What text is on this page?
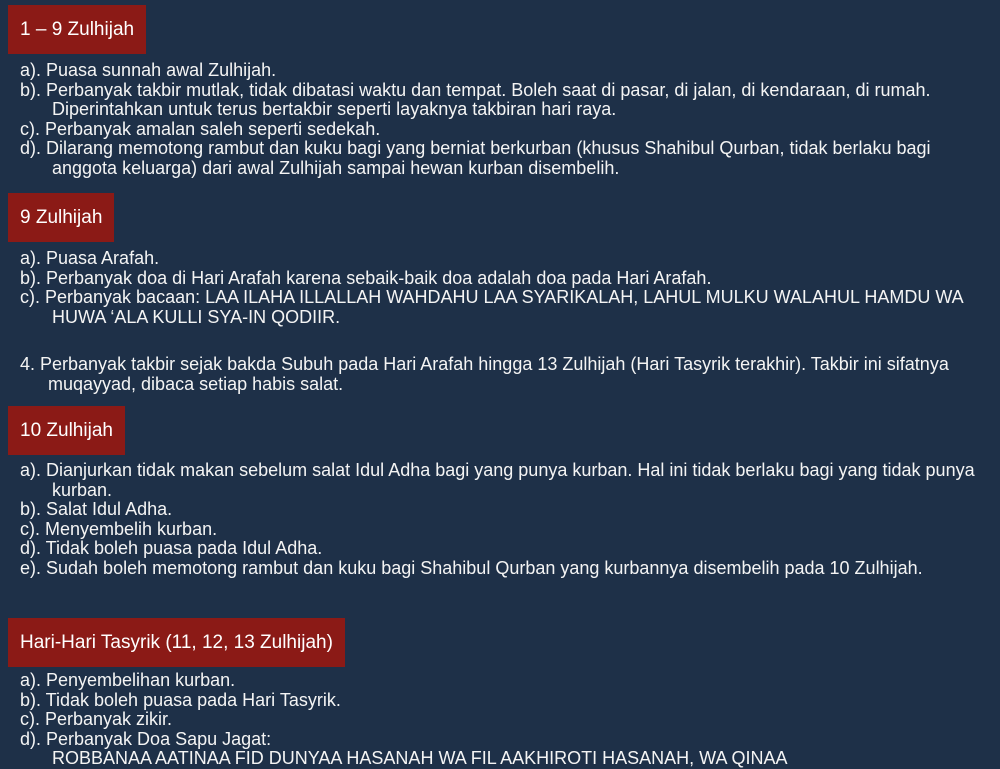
1 – 9 Zulhijah

a). Puasa sunnah awal Zulhijah.

b). Perbanyak takbir mutlak, tidak dibatasi waktu dan tempat. Boleh saat di pasar, di jalan, di kendaraan, di rumah. Diperintahkan untuk terus bertakbir seperti layaknya takbiran hari raya.

c). Perbanyak amalan saleh seperti sedekah.

d). Dilarang memotong rambut dan kuku bagi yang berniat berkurban (khusus Shahibul Qurban, tidak berlaku bagi anggota keluarga) dari awal Zulhijah sampai hewan kurban disembelih.

9 Zulhijah

a). Puasa Arafah.

b). Perbanyak doa di Hari Arafah karena sebaik-baik doa adalah doa pada Hari Arafah.

c). Perbanyak bacaan: LAA ILAHA ILLALLAH WAHDAHU LAA SYARIKALAH, LAHUL MULKU WALAHUL HAMDU WA HUWA ‘ALA KULLI SYA-IN QODIIR.

4. Perbanyak takbir sejak bakda Subuh pada Hari Arafah hingga 13 Zulhijah (Hari Tasyrik terakhir). Takbir ini sifatnya muqayyad, dibaca setiap habis salat.

10 Zulhijah

a). Dianjurkan tidak makan sebelum salat Idul Adha bagi yang punya kurban. Hal ini tidak berlaku bagi yang tidak punya kurban.

b). Salat Idul Adha.

c). Menyembelih kurban.

d). Tidak boleh puasa pada Idul Adha.

e). Sudah boleh memotong rambut dan kuku bagi Shahibul Qurban yang kurbannya disembelih pada 10 Zulhijah.

Hari-Hari Tasyrik (11, 12, 13 Zulhijah)

a). Penyembelihan kurban.

b). Tidak boleh puasa pada Hari Tasyrik.

c). Perbanyak zikir.

d). Perbanyak Doa Sapu Jagat:

ROBBANAA AATINAA FID DUNYAA HASANAH WA FIL AAKHIROTI HASANAH, WA QINAA
